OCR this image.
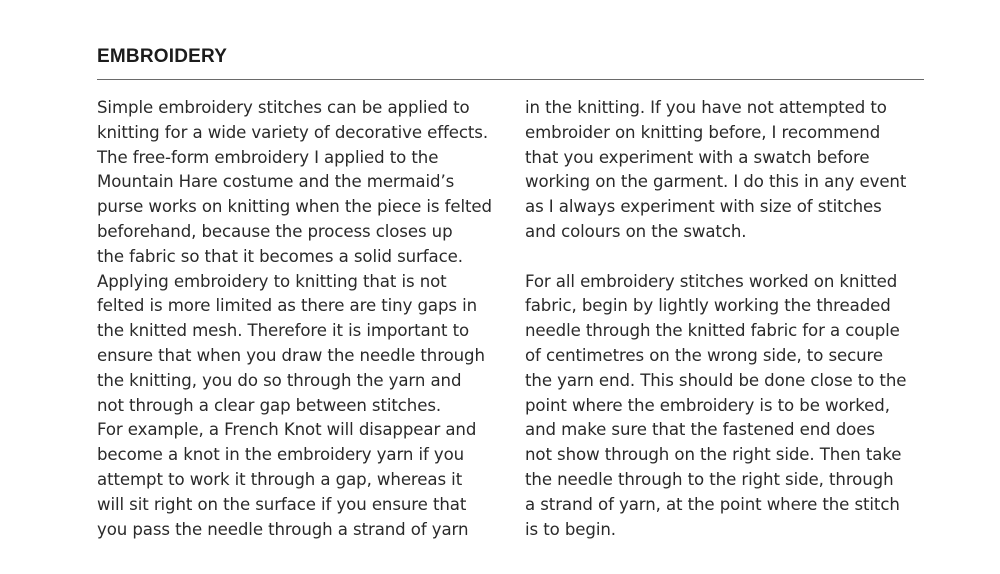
EMBROIDERY
Simple embroidery stitches can be applied to
knitting for a wide variety of decorative effects.
The free-form embroidery I applied to the
Mountain Hare costume and the mermaid’s
purse works on knitting when the piece is felted
beforehand, because the process closes up
the fabric so that it becomes a solid surface.
Applying embroidery to knitting that is not
felted is more limited as there are tiny gaps in
the knitted mesh. Therefore it is important to
ensure that when you draw the needle through
the knitting, you do so through the yarn and
not through a clear gap between stitches.
For example, a French Knot will disappear and
become a knot in the embroidery yarn if you
attempt to work it through a gap, whereas it
will sit right on the surface if you ensure that
you pass the needle through a strand of yarn
in the knitting. If you have not attempted to
embroider on knitting before, I recommend
that you experiment with a swatch before
working on the garment. I do this in any event
as I always experiment with size of stitches
and colours on the swatch.
For all embroidery stitches worked on knitted
fabric, begin by lightly working the threaded
needle through the knitted fabric for a couple
of centimetres on the wrong side, to secure
the yarn end. This should be done close to the
point where the embroidery is to be worked,
and make sure that the fastened end does
not show through on the right side. Then take
the needle through to the right side, through
a strand of yarn, at the point where the stitch
is to begin.
